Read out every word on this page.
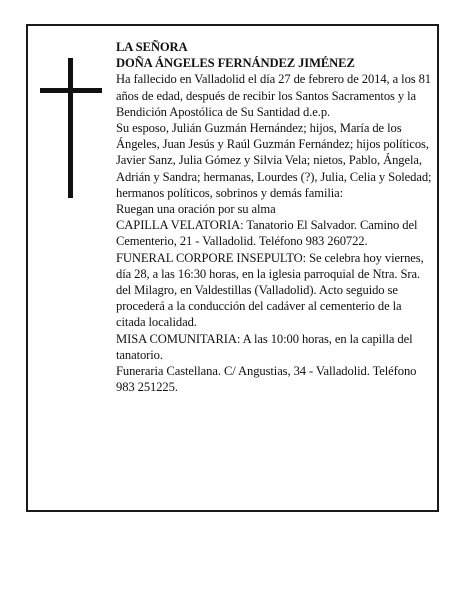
LA SEÑORA

DOÑA ÁNGELES FERNÁNDEZ JIMÉNEZ

Ha fallecido en Valladolid el día 27 de febrero de 2014, a los 81 años de edad, después de recibir los Santos Sacramentos y la Bendición Apostólica de Su Santidad d.e.p.

Su esposo, Julián Guzmán Hernández; hijos, María de los Ángeles, Juan Jesús y Raúl Guzmán Fernández; hijos políticos, Javier Sanz, Julia Gómez y Silvia Vela; nietos, Pablo, Ángela, Adrián y Sandra; hermanas, Lourdes (?), Julia, Celia y Soledad; hermanos políticos, sobrinos y demás familia:

Ruegan una oración por su alma

CAPILLA VELATORIA: Tanatorio El Salvador. Camino del Cementerio, 21 - Valladolid. Teléfono 983 260722.

FUNERAL CORPORE INSEPULTO: Se celebra hoy viernes, día 28, a las 16:30 horas, en la iglesia parroquial de Ntra. Sra. del Milagro, en Valdestillas (Valladolid). Acto seguido se procederá a la conducción del cadáver al cementerio de la citada localidad.

MISA COMUNITARIA: A las 10:00 horas, en la capilla del tanatorio.

Funeraria Castellana. C/ Angustias, 34 - Valladolid. Teléfono 983 251225.
